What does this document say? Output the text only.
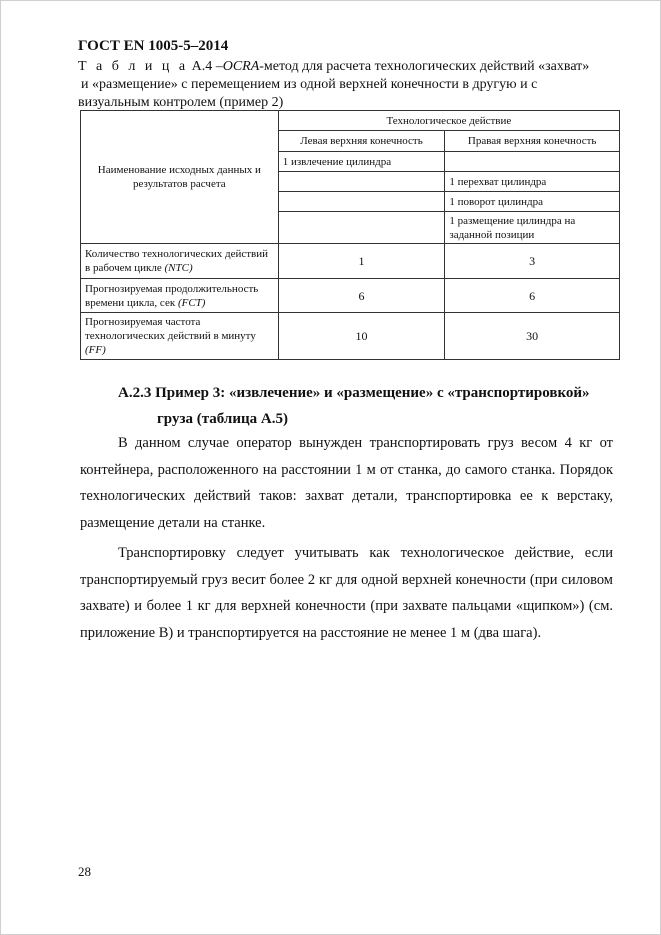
ГОСТ EN 1005-5–2014
Т а б л и ц а А.4 –OCRA-метод для расчета технологических действий «захват»
и «размещение» с перемещением из одной верхней конечности в другую и с
визуальным контролем (пример 2)
Наименование исходных данных и результатов расчета	Технологическое действие	
	Левая верхняя конечность	Правая верхняя конечность
	1 извлечение цилиндра	
		1 перехват цилиндра
		1 поворот цилиндра
		1 размещение цилиндра на заданной позиции
Количество технологических действий в рабочем цикле (NTC)	1	3
Прогнозируемая продолжительность времени цикла, сек (FCT)	6	6
Прогнозируемая частота технологических действий в минуту (FF)	10	30
А.2.3 Пример 3: «извлечение» и «размещение» с «транспортировкой»
груза (таблица А.5)

В данном случае оператор вынужден транспортировать груз весом 4 кг от контейнера, расположенного на расстоянии 1 м от станка, до самого станка. Порядок технологических действий таков: захват детали, транспортировка ее к верстаку, размещение детали на станке.

Транспортировку следует учитывать как технологическое действие, если транспортируемый груз весит более 2 кг для одной верхней конечности (при силовом захвате) и более 1 кг для верхней конечности (при захвате пальцами «щипком») (см. приложение В) и транспортируется на расстояние не менее 1 м (два шага).

28
